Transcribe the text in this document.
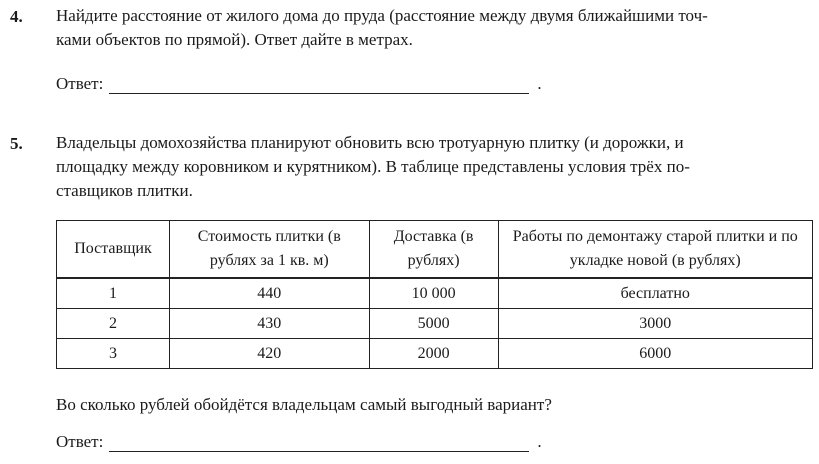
4. Найдите расстояние от жилого дома до пруда (расстояние между двумя ближайшими точ-
ками объектов по прямой). Ответ дайте в метрах.
Ответ:	.
5. Владельцы домохозяйства планируют обновить всю тротуарную плитку (и дорожки, и
площадку между коровником и курятником). В таблице представлены условия трёх по-
ставщиков плитки.
Поставщик	Стоимость плитки (в рублях за 1 кв. м)	Доставка (в рублях)	Работы по демонтажу старой плитки и по укладке новой (в рублях)
1	440	10 000	бесплатно
2	430	5000	3000
3	420	2000	6000
Во сколько рублей обойдётся владельцам самый выгодный вариант?
Ответ:	.
